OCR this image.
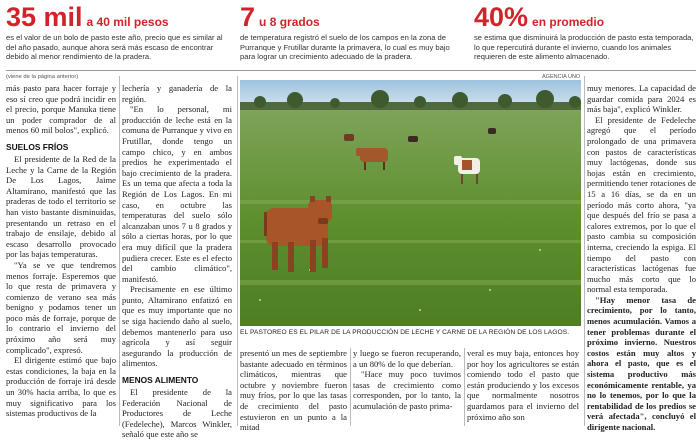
35 mil a 40 mil pesos
es el valor de un bolo de pasto este año, precio que es similar al del año pasado, aunque ahora será más escaso de encontrar debido al menor rendimiento de la pradera.
7 u 8 grados
de temperatura registró el suelo de los campos en la zona de Purranque y Frutillar durante la primavera, lo cual es muy bajo para lograr un crecimiento adecuado de la pradera.
40% en promedio
se estima que disminuirá la producción de pasto esta temporada, lo que repercutirá durante el invierno, cuando los animales requieren de este alimento almacenado.
(viene de la página anterior)

más pasto para hacer forraje y eso sí creo que podrá incidir en el precio, porque Manuka tiene un poder comprador de al menos 60 mil bolos", explicó.

SUELOS FRÍOS

El presidente de la Red de la Leche y la Carne de la Región De Los Lagos, Jaime Altamirano, manifestó que las praderas de todo el territorio se han visto bastante disminuidas, presentando un retraso en el trabajo de ensilaje, debido al escaso desarrollo provocado por las bajas temperaturas.

"Ya se ve que tendremos menos forraje. Esperemos que lo que resta de primavera y comienzo de verano sea más benigno y podamos tener un poco más de forraje, porque de lo contrario el invierno del próximo año será muy complicado", expresó.

El dirigente estimó que bajo estas condiciones, la baja en la producción de forraje irá desde un 30% hacia arriba, lo que es muy significativo para los sistemas productivos de la

lechería y ganadería de la región.

"En lo personal, mi producción de leche está en la comuna de Purranque y vivo en Frutillar, donde tengo un campo chico, y en ambos predios he experimentado el bajo crecimiento de la pradera. Es un tema que afecta a toda la Región de Los Lagos. En mi caso, en octubre las temperaturas del suelo sólo alcanzaban unos 7 u 8 grados y sólo a ciertas horas, por lo que era muy difícil que la pradera pudiera crecer. Este es el efecto del cambio climático", manifestó.

Precisamente en ese último punto, Altamirano enfatizó en que es muy importante que no se siga haciendo daño al suelo, debemos mantenerlo para uso agrícola y así seguir asegurando la producción de alimentos.

MENOS ALIMENTO

El presidente de la Federación Nacional de Productores de Leche (Fedeleche), Marcos Winkler, señaló que este año se

AGENCIA UNO
EL PASTOREO ES EL PILAR DE LA PRODUCCIÓN DE LECHE Y CARNE DE LA REGIÓN DE LOS LAGOS.

presentó un mes de septiembre bastante adecuado en términos climáticos, mientras que octubre y noviembre fueron muy fríos, por lo que las tasas de crecimiento del pasto estuvieron en un punto a la mitad

y luego se fueron recuperando, a un 80% de lo que deberían.

"Hace muy poco tuvimos tasas de crecimiento como corresponden, por lo tanto, la acumulación de pasto prima-

veral es muy baja, entonces hoy por hoy los agricultores se están comiendo todo el pasto que están produciendo y los excesos que normalmente nosotros guardamos para el invierno del próximo año son

muy menores. La capacidad de guardar comida para 2024 es más baja", explicó Winkler.

El presidente de Fedeleche agregó que el período prolongado de una primavera con pastos de características muy lactógenas, donde sus hojas están en crecimiento, permitiendo tener rotaciones de 15 a 16 días, se da en un período más corto ahora, "ya que después del frío se pasa a calores extremos, por lo que el pasto cambia su composición interna, creciendo la espiga. El tiempo del pasto con características lactógenas fue mucho más corto que lo normal esta temporada.

"Hay menor tasa de crecimiento, por lo tanto, menos acumulación. Vamos a tener problemas durante el próximo invierno. Nuestros costos están muy altos y ahora el pasto, que es el sistema productivo más económicamente rentable, ya no lo tenemos, por lo que la rentabilidad de los predios se verá afectada", concluyó el dirigente nacional.
